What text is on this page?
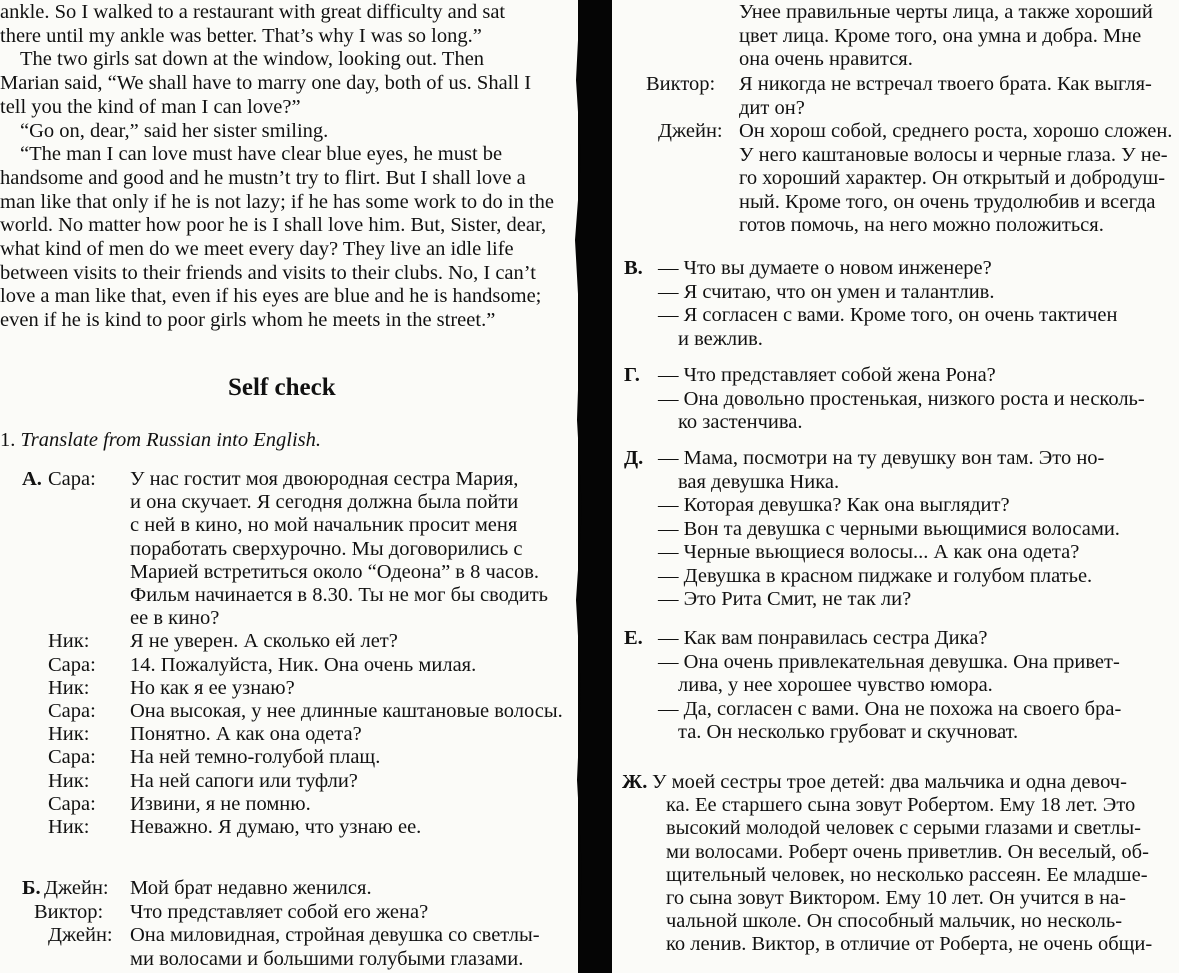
ankle. So I walked to a restaurant with great difficulty and sat
there until my ankle was better. That’s why I was so long.”
The two girls sat down at the window, looking out. Then
Marian said, “We shall have to marry one day, both of us. Shall I
tell you the kind of man I can love?”
“Go on, dear,” said her sister smiling.
“The man I can love must have clear blue eyes, he must be
handsome and good and he mustn’t try to flirt. But I shall love a
man like that only if he is not lazy; if he has some work to do in the
world. No matter how poor he is I shall love him. But, Sister, dear,
what kind of men do we meet every day? They live an idle life
between visits to their friends and visits to their clubs. No, I can’t
love a man like that, even if his eyes are blue and he is handsome;
even if he is kind to poor girls whom he meets in the street.”
Self check
1. Translate from Russian into English.
А. Сара: У нас гостит моя двоюродная сестра Мария,
и она скучает. Я сегодня должна была пойти
с ней в кино, но мой начальник просит меня
поработать сверхурочно. Мы договорились с
Марией встретиться около “Одеона” в 8 часов.
Фильм начинается в 8.30. Ты не мог бы сводить
ее в кино?
Ник: Я не уверен. А сколько ей лет?
Сара: 14. Пожалуйста, Ник. Она очень милая.
Ник: Но как я ее узнаю?
Сара: Она высокая, у нее длинные каштановые волосы.
Ник: Понятно. А как она одета?
Сара: На ней темно-голубой плащ.
Ник: На ней сапоги или туфли?
Сара: Извини, я не помню.
Ник: Неважно. Я думаю, что узнаю ее.
Б. Джейн: Мой брат недавно женился.
Виктор: Что представляет собой его жена?
Джейн: Она миловидная, стройная девушка со светлы-
ми волосами и большими голубыми глазами.
Унее правильные черты лица, а также хороший
цвет лица. Кроме того, она умна и добра. Мне
она очень нравится.
Виктор: Я никогда не встречал твоего брата. Как выгля-
дит он?
Джейн: Он хорош собой, среднего роста, хорошо сложен.
У него каштановые волосы и черные глаза. У не-
го хороший характер. Он открытый и добродуш-
ный. Кроме того, он очень трудолюбив и всегда
готов помочь, на него можно положиться.
В. — Что вы думаете о новом инженере?
— Я считаю, что он умен и талантлив.
— Я согласен с вами. Кроме того, он очень тактичен
и вежлив.
Г. — Что представляет собой жена Рона?
— Она довольно простенькая, низкого роста и несколь-
ко застенчива.
Д. — Мама, посмотри на ту девушку вон там. Это но-
вая девушка Ника.
— Которая девушка? Как она выглядит?
— Вон та девушка с черными вьющимися волосами.
— Черные вьющиеся волосы... А как она одета?
— Девушка в красном пиджаке и голубом платье.
— Это Рита Смит, не так ли?
Е. — Как вам понравилась сестра Дика?
— Она очень привлекательная девушка. Она привет-
лива, у нее хорошее чувство юмора.
— Да, согласен с вами. Она не похожа на своего бра-
та. Он несколько грубоват и скучноват.
Ж. У моей сестры трое детей: два мальчика и одна девоч-
ка. Ее старшего сына зовут Робертом. Ему 18 лет. Это
высокий молодой человек с серыми глазами и светлы-
ми волосами. Роберт очень приветлив. Он веселый, об-
щительный человек, но несколько рассеян. Ее младше-
го сына зовут Виктором. Ему 10 лет. Он учится в на-
чальной школе. Он способный мальчик, но несколь-
ко ленив. Виктор, в отличие от Роберта, не очень общи-
